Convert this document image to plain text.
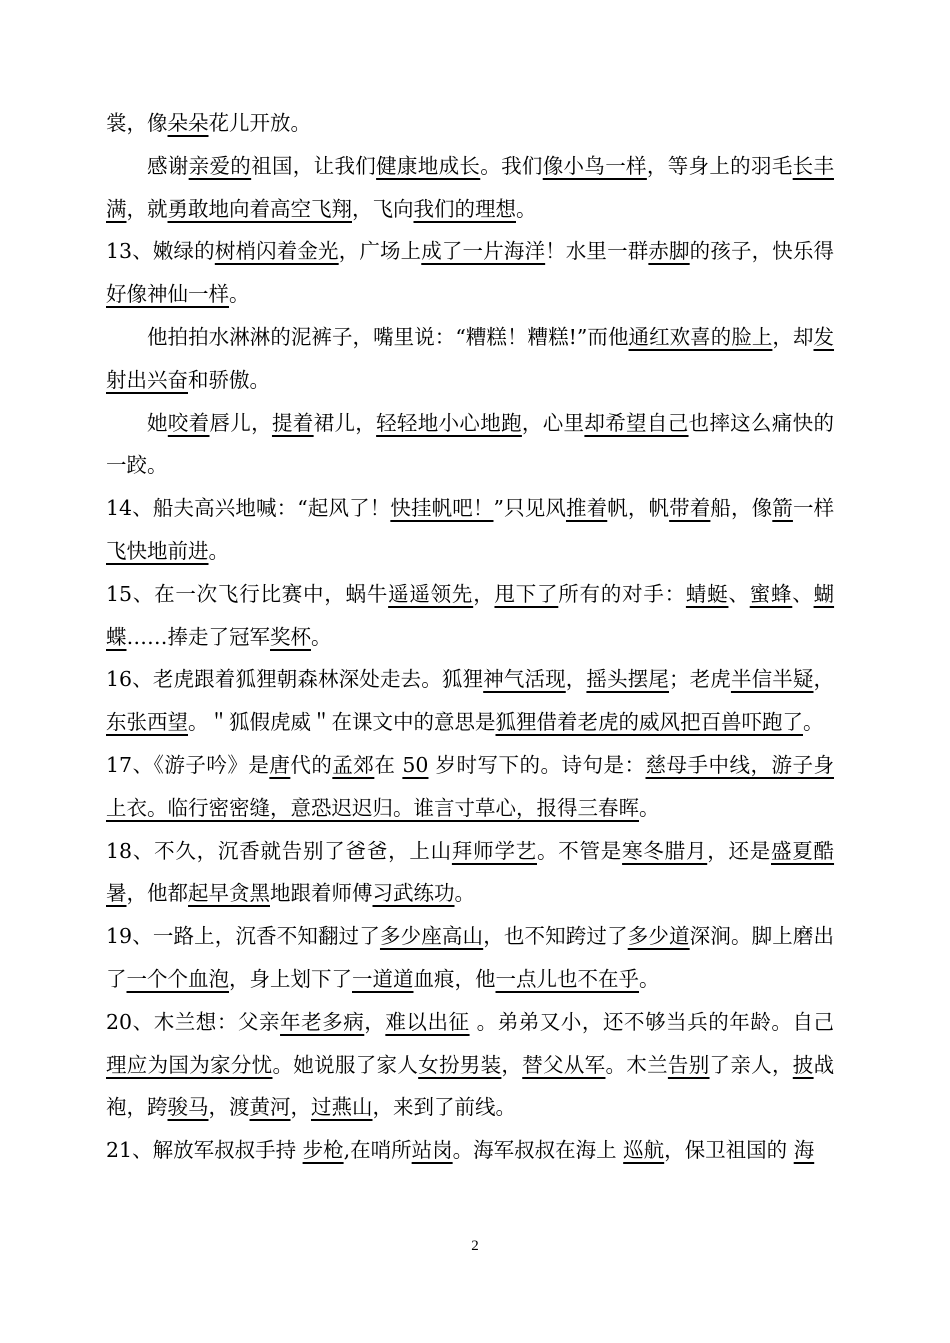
裳，像朵朵花儿开放。

感谢亲爱的祖国，让我们健康地成长。我们像小鸟一样，等身上的羽毛长丰满，就勇敢地向着高空飞翔，飞向我们的理想。

13、嫩绿的树梢闪着金光，广场上成了一片海洋！水里一群赤脚的孩子，快乐得好像神仙一样。

他拍拍水淋淋的泥裤子，嘴里说：“糟糕！糟糕!”而他通红欢喜的脸上，却发射出兴奋和骄傲。

她咬着唇儿，提着裙儿，轻轻地小心地跑，心里却希望自己也摔这么痛快的一跤。

14、船夫高兴地喊：“起风了！快挂帆吧！”只见风推着帆，帆带着船，像箭一样飞快地前进。

15、在一次飞行比赛中，蜗牛遥遥领先，甩下了所有的对手：蜻蜓、蜜蜂、蝴蝶……捧走了冠军奖杯。

16、老虎跟着狐狸朝森林深处走去。狐狸神气活现，摇头摆尾；老虎半信半疑，东张西望。＂狐假虎威＂在课文中的意思是狐狸借着老虎的威风把百兽吓跑了。

17、《游子吟》是唐代的孟郊在 50 岁时写下的。诗句是：慈母手中线，游子身上衣。临行密密缝，意恐迟迟归。谁言寸草心，报得三春晖。

18、不久，沉香就告别了爸爸，上山拜师学艺。不管是寒冬腊月，还是盛夏酷暑，他都起早贪黑地跟着师傅习武练功。

19、一路上，沉香不知翻过了多少座高山，也不知跨过了多少道深涧。脚上磨出了一个个血泡，身上划下了一道道血痕，他一点儿也不在乎。

20、木兰想：父亲年老多病，难以出征 。弟弟又小，还不够当兵的年龄。自己理应为国为家分忧。她说服了家人女扮男装，替父从军。木兰告别了亲人，披战袍，跨骏马，渡黄河，过燕山，来到了前线。

21、解放军叔叔手持 步枪,在哨所站岗。海军叔叔在海上 巡航，保卫祖国的 海

2
